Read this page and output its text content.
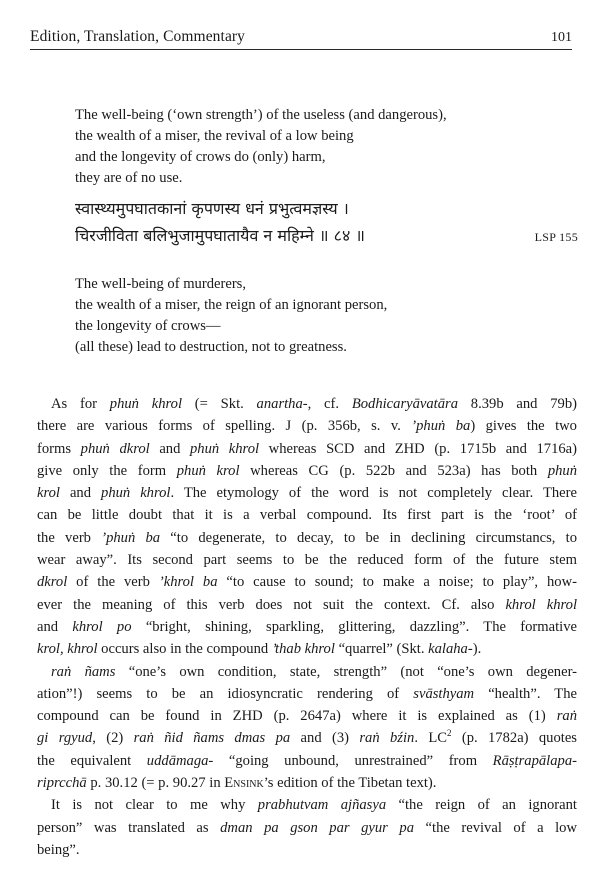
Edition, Translation, Commentary	101
The well-being (‘own strength’) of the useless (and dangerous),
the wealth of a miser, the revival of a low being
and the longevity of crows do (only) harm,
they are of no use.
स्वास्थ्यमुपघातकानां कृपणस्य धनं प्रभुत्वमज्ञस्य ।
चिरजीविता बलिभुजामुपघातायैव न महिम्ने ॥ ८४ ॥	LSP 155
The well-being of murderers,
the wealth of a miser, the reign of an ignorant person,
the longevity of crows—
(all these) lead to destruction, not to greatness.
As for phuṅ khrol (= Skt. anartha-, cf. Bodhicaryāvatāra 8.39b and 79b)
there are various forms of spelling. J (p. 356b, s. v. ’phuṅ ba) gives the two
forms phuṅ dkrol and phuṅ khrol whereas SCD and ZHD (p. 1715b and 1716a)
give only the form phuṅ krol whereas CG (p. 522b and 523a) has both phuṅ
krol and phuṅ khrol. The etymology of the word is not completely clear. There
can be little doubt that it is a verbal compound. Its first part is the ‘root’ of
the verb ’phuṅ ba “to degenerate, to decay, to be in declining circumstancs, to
wear away”. Its second part seems to be the reduced form of the future stem
dkrol of the verb ’khrol ba “to cause to sound; to make a noise; to play”, how-
ever the meaning of this verb does not suit the context. Cf. also khrol khrol
and khrol po “bright, shining, sparkling, glittering, dazzling”. The formative
krol, khrol occurs also in the compound ’thab khrol “quarrel” (Skt. kalaha-).
raṅ ñams “one’s own condition, state, strength” (not “one’s own degener-
ation”!) seems to be an idiosyncratic rendering of svāsthyam “health”. The
compound can be found in ZHD (p. 2647a) where it is explained as (1) raṅ
gi rgyud, (2) raṅ ñid ñams dmas pa and (3) raṅ bźin. $LC^2$ (p. 1782a) quotes
the equivalent uddāmaga- “going unbound, unrestrained” from Rāṣṭrapālapa-
riprcchā p. 30.12 (= p. 90.27 in Ensink’s edition of the Tibetan text).
It is not clear to me why prabhutvam ajñasya “the reign of an ignorant
person” was translated as dman pa gson par gyur pa “the revival of a low
being”.
